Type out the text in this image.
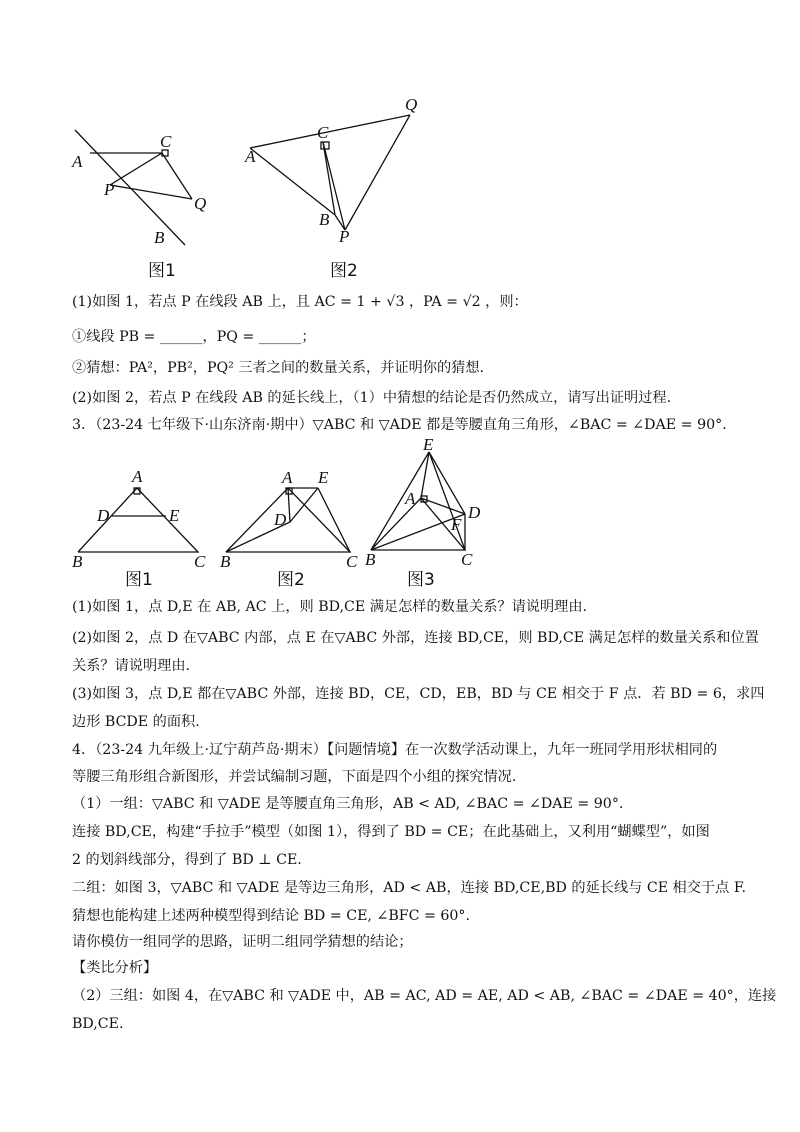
A
C
P
Q
B
图1
A
C
Q
B
P
图2
(1)如图 1，若点 P 在线段 AB 上，且 AC = 1 + √3 ，PA = √2 ，则：
①线段 PB = ______，PQ = ______；
②猜想：PA²，PB²，PQ² 三者之间的数量关系，并证明你的猜想.
(2)如图 2，若点 P 在线段 AB 的延长线上，（1）中猜想的结论是否仍然成立，请写出证明过程.
3．（23-24 七年级下·山东济南·期中）▽ABC 和 ▽ADE 都是等腰直角三角形，∠BAC = ∠DAE = 90°.
A
D	E
B	C
图1
A E
D
B	C
图2
E
A
D
F
B	C
图3
(1)如图 1，点 D,E 在 AB, AC 上，则 BD,CE 满足怎样的数量关系？请说明理由.
(2)如图 2，点 D 在▽ABC 内部，点 E 在▽ABC 外部，连接 BD,CE，则 BD,CE 满足怎样的数量关系和位置
关系？请说明理由.
(3)如图 3，点 D,E 都在▽ABC 外部，连接 BD，CE，CD，EB，BD 与 CE 相交于 F 点．若 BD = 6，求四
边形 BCDE 的面积.
4．（23-24 九年级上·辽宁葫芦岛·期末）【问题情境】在一次数学活动课上，九年一班同学用形状相同的
等腰三角形组合新图形，并尝试编制习题，下面是四个小组的探究情况.
（1）一组：▽ABC 和 ▽ADE 是等腰直角三角形，AB < AD, ∠BAC = ∠DAE = 90°.
连接 BD,CE，构建“手拉手”模型（如图 1），得到了 BD = CE；在此基础上，又利用“蝴蝶型”，如图
2 的划斜线部分，得到了 BD ⊥ CE.
二组：如图 3，▽ABC 和 ▽ADE 是等边三角形，AD < AB，连接 BD,CE,BD 的延长线与 CE 相交于点 F.
猜想也能构建上述两种模型得到结论 BD = CE, ∠BFC = 60°.
请你模仿一组同学的思路，证明二组同学猜想的结论；
【类比分析】
（2）三组：如图 4，在▽ABC 和 ▽ADE 中，AB = AC, AD = AE, AD < AB, ∠BAC = ∠DAE = 40°，连接
BD,CE.
